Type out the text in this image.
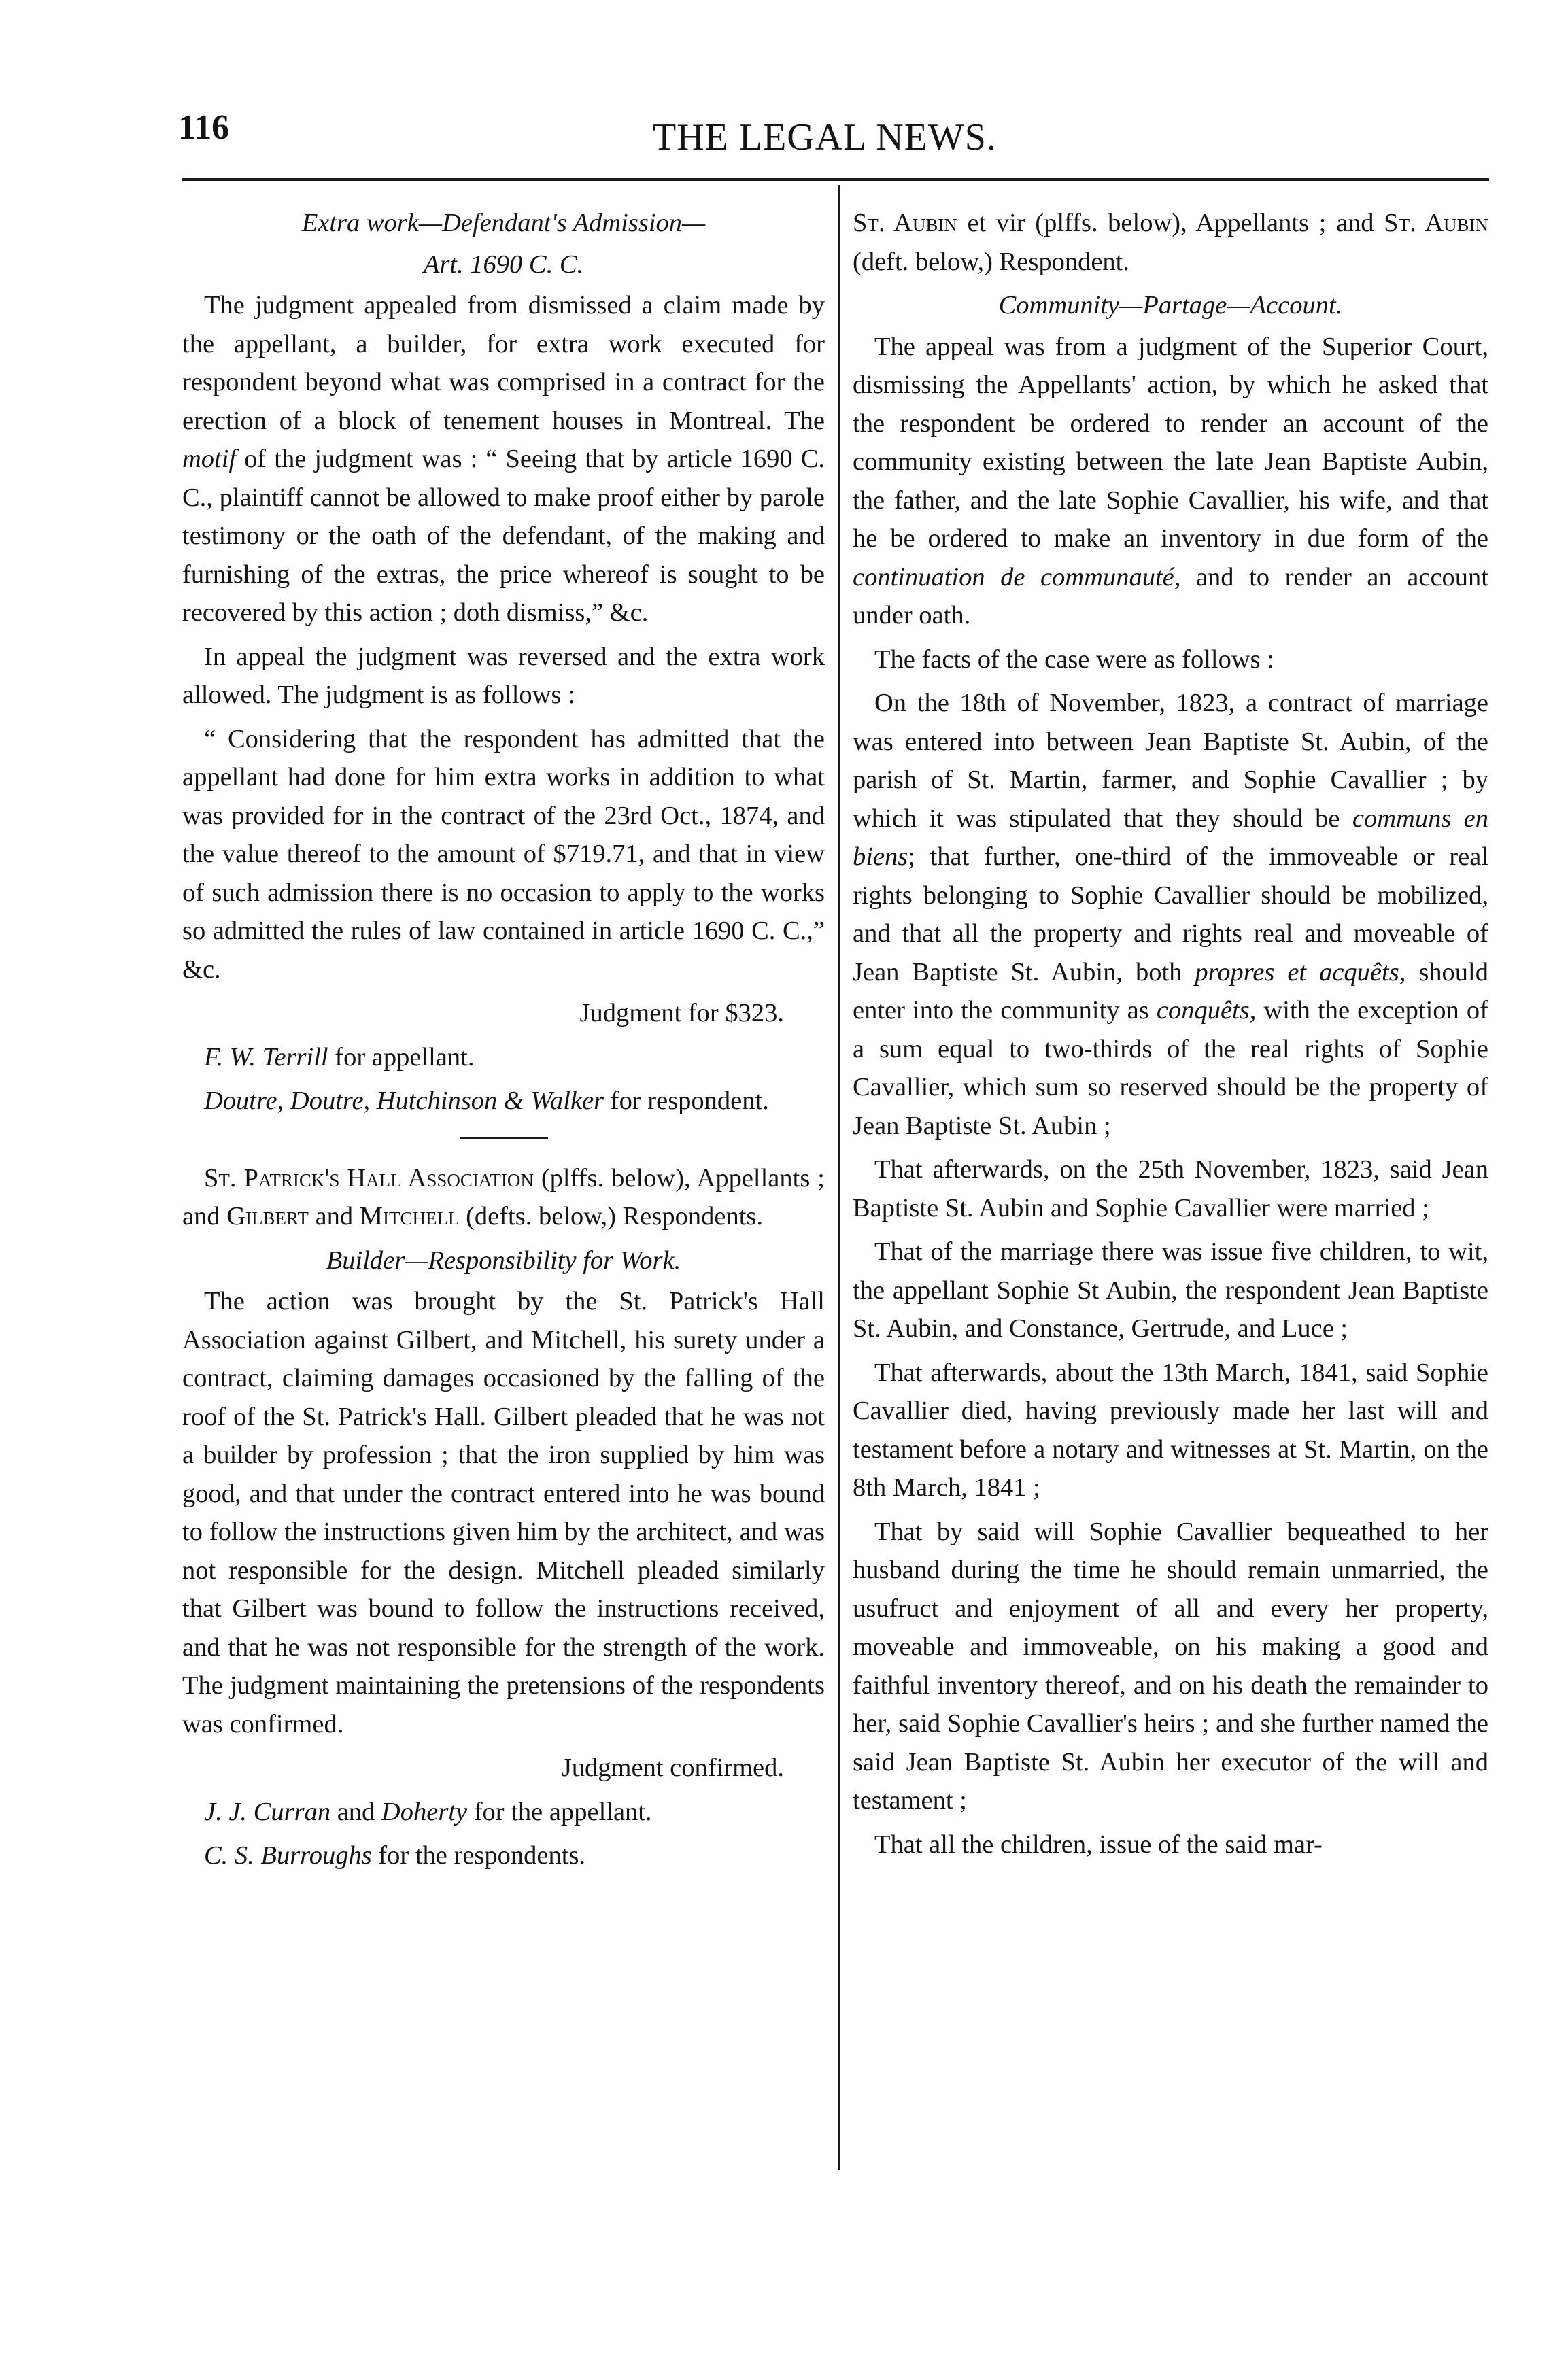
116	THE LEGAL NEWS.

Extra work—Defendant's Admission—

Art. 1690 C. C.

The judgment appealed from dismissed a claim made by the appellant, a builder, for extra work executed for respondent beyond what was comprised in a contract for the erection of a block of tenement houses in Montreal. The motif of the judgment was : “ Seeing that by article 1690 C. C., plaintiff cannot be allowed to make proof either by parole testimony or the oath of the defendant, of the making and furnishing of the extras, the price whereof is sought to be recovered by this action ; doth dismiss,” &c.

In appeal the judgment was reversed and the extra work allowed. The judgment is as follows :

“ Considering that the respondent has admitted that the appellant had done for him extra works in addition to what was provided for in the contract of the 23rd Oct., 1874, and the value thereof to the amount of $719.71, and that in view of such admission there is no occasion to apply to the works so admitted the rules of law contained in article 1690 C. C.,” &c.

Judgment for $323.

F. W. Terrill for appellant.

Doutre, Doutre, Hutchinson & Walker for respondent.

St. Patrick's Hall Association (plffs. below), Appellants ; and Gilbert and Mitchell (defts. below,) Respondents.

Builder—Responsibility for Work.

The action was brought by the St. Patrick's Hall Association against Gilbert, and Mitchell, his surety under a contract, claiming damages occasioned by the falling of the roof of the St. Patrick's Hall. Gilbert pleaded that he was not a builder by profession ; that the iron supplied by him was good, and that under the contract entered into he was bound to follow the instructions given him by the architect, and was not responsible for the design. Mitchell pleaded similarly that Gilbert was bound to follow the instructions received, and that he was not responsible for the strength of the work. The judgment maintaining the pretensions of the respondents was confirmed.

Judgment confirmed.

J. J. Curran and Doherty for the appellant.

C. S. Burroughs for the respondents.

St. Aubin et vir (plffs. below), Appellants ; and St. Aubin (deft. below,) Respondent.

Community—Partage—Account.

The appeal was from a judgment of the Superior Court, dismissing the Appellants' action, by which he asked that the respondent be ordered to render an account of the community existing between the late Jean Baptiste Aubin, the father, and the late Sophie Cavallier, his wife, and that he be ordered to make an inventory in due form of the continuation de communauté, and to render an account under oath.

The facts of the case were as follows :

On the 18th of November, 1823, a contract of marriage was entered into between Jean Baptiste St. Aubin, of the parish of St. Martin, farmer, and Sophie Cavallier ; by which it was stipulated that they should be communs en biens; that further, one-third of the immoveable or real rights belonging to Sophie Cavallier should be mobilized, and that all the property and rights real and moveable of Jean Baptiste St. Aubin, both propres et acquêts, should enter into the community as conquêts, with the exception of a sum equal to two-thirds of the real rights of Sophie Cavallier, which sum so reserved should be the property of Jean Baptiste St. Aubin ;

That afterwards, on the 25th November, 1823, said Jean Baptiste St. Aubin and Sophie Cavallier were married ;

That of the marriage there was issue five children, to wit, the appellant Sophie St Aubin, the respondent Jean Baptiste St. Aubin, and Constance, Gertrude, and Luce ;

That afterwards, about the 13th March, 1841, said Sophie Cavallier died, having previously made her last will and testament before a notary and witnesses at St. Martin, on the 8th March, 1841 ;

That by said will Sophie Cavallier bequeathed to her husband during the time he should remain unmarried, the usufruct and enjoyment of all and every her property, moveable and immoveable, on his making a good and faithful inventory thereof, and on his death the remainder to her, said Sophie Cavallier's heirs ; and she further named the said Jean Baptiste St. Aubin her executor of the will and testament ;

That all the children, issue of the said mar-
